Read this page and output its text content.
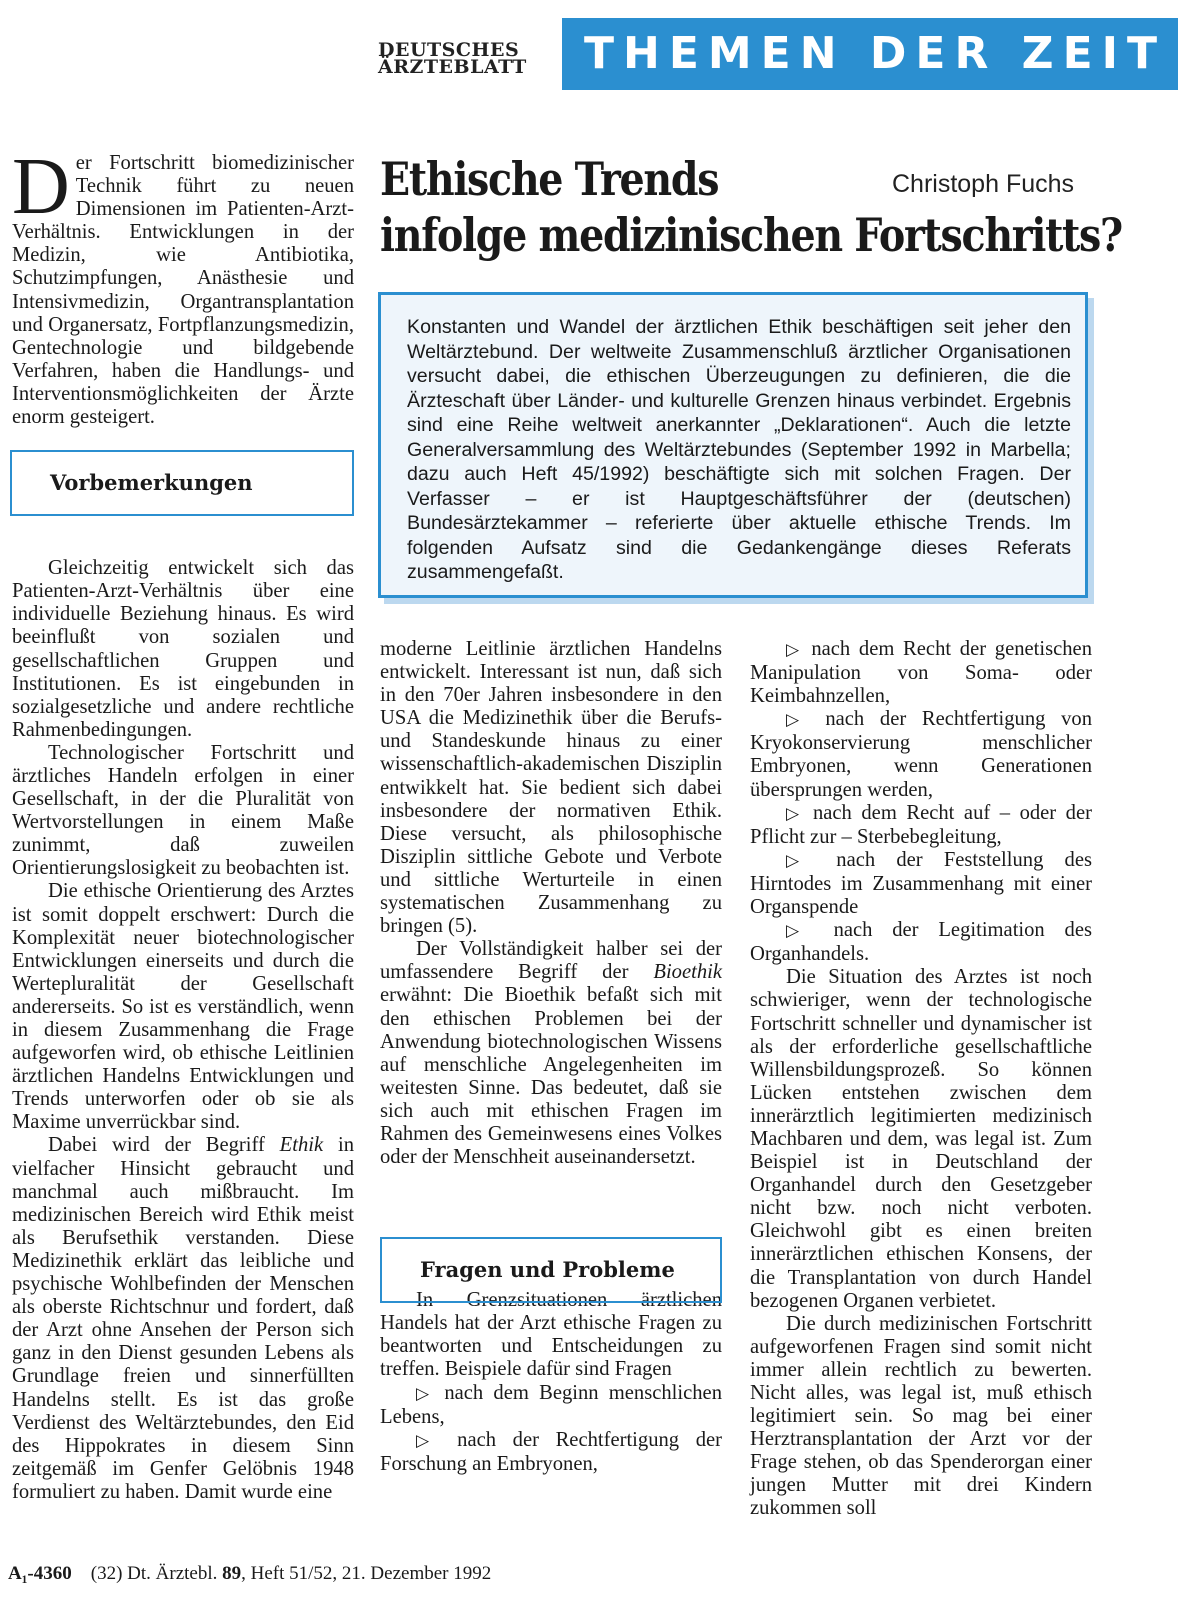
DEUTSCHES
ÄRZTEBLATT	THEMEN DER ZEIT
Ethische Trends
infolge medizinischen Fortschritts?
Christoph Fuchs
Konstanten und Wandel der ärztlichen Ethik beschäftigen seit jeher den Weltärztebund. Der weltweite Zusammenschluß ärztlicher Organisationen versucht dabei, die ethischen Überzeugungen zu definieren, die die Ärzteschaft über Länder- und kulturelle Grenzen hinaus verbindet. Ergebnis sind eine Reihe weltweit anerkannter „Deklarationen“. Auch die letzte Generalversammlung des Weltärztebundes (September 1992 in Marbella; dazu auch Heft 45/1992) beschäftigte sich mit solchen Fragen. Der Verfasser – er ist Hauptgeschäftsführer der (deutschen) Bundesärztekammer – referierte über aktuelle ethische Trends. Im folgenden Aufsatz sind die Gedankengänge dieses Referats zusammengefaßt.

Der Fortschritt biomedizinischer Technik führt zu neuen Dimensionen im Patienten-Arzt-Verhältnis. Entwicklungen in der Medizin, wie Antibiotika, Schutzimpfungen, Anästhesie und Intensivmedizin, Organtransplantation und Organersatz, Fortpflanzungsmedizin, Gentechnologie und bildgebende Verfahren, haben die Handlungs- und Interventionsmöglichkeiten der Ärzte enorm gesteigert.

Gleichzeitig entwickelt sich das Patienten-Arzt-Verhältnis über eine individuelle Beziehung hinaus. Es wird beeinflußt von sozialen und gesellschaftlichen Gruppen und Institutionen. Es ist eingebunden in sozialgesetzliche und andere rechtliche Rahmenbedingungen.

Technologischer Fortschritt und ärztliches Handeln erfolgen in einer Gesellschaft, in der die Pluralität von Wertvorstellungen in einem Maße zunimmt, daß zuweilen Orientierungslosigkeit zu beobachten ist.

Die ethische Orientierung des Arztes ist somit doppelt erschwert: Durch die Komplexität neuer biotechnologischer Entwicklungen einerseits und durch die Wertepluralität der Gesellschaft andererseits. So ist es verständlich, wenn in diesem Zusammenhang die Frage aufgeworfen wird, ob ethische Leitlinien ärztlichen Handelns Entwicklungen und Trends unterworfen oder ob sie als Maxime unverrückbar sind.

Dabei wird der Begriff Ethik in vielfacher Hinsicht gebraucht und manchmal auch mißbraucht. Im medizinischen Bereich wird Ethik meist als Berufsethik verstanden. Diese Medizinethik erklärt das leibliche und psychische Wohlbefinden der Menschen als oberste Richtschnur und fordert, daß der Arzt ohne Ansehen der Person sich ganz in den Dienst gesunden Lebens als Grundlage freien und sinnerfüllten Handelns stellt. Es ist das große Verdienst des Weltärztebundes, den Eid des Hippokrates in diesem Sinn zeitgemäß im Genfer Gelöbnis 1948 formuliert zu haben. Damit wurde eine

Vorbemerkungen

moderne Leitlinie ärztlichen Handelns entwickelt. Interessant ist nun, daß sich in den 70er Jahren insbesondere in den USA die Medizinethik über die Berufs- und Standeskunde hinaus zu einer wissenschaftlich-akademischen Disziplin entwikkelt hat. Sie bedient sich dabei insbesondere der normativen Ethik. Diese versucht, als philosophische Disziplin sittliche Gebote und Verbote und sittliche Werturteile in einen systematischen Zusammenhang zu bringen (5).

Der Vollständigkeit halber sei der umfassendere Begriff der Bioethik erwähnt: Die Bioethik befaßt sich mit den ethischen Problemen bei der Anwendung biotechnologischen Wissens auf menschliche Angelegenheiten im weitesten Sinne. Das bedeutet, daß sie sich auch mit ethischen Fragen im Rahmen des Gemeinwesens eines Volkes oder der Menschheit auseinandersetzt.

In Grenzsituationen ärztlichen Handels hat der Arzt ethische Fragen zu beantworten und Entscheidungen zu treffen. Beispiele dafür sind Fragen

▷ nach dem Beginn menschlichen Lebens,

▷ nach der Rechtfertigung der Forschung an Embryonen,

Fragen und Probleme

▷ nach dem Recht der genetischen Manipulation von Soma- oder Keimbahnzellen,

▷ nach der Rechtfertigung von Kryokonservierung menschlicher Embryonen, wenn Generationen übersprungen werden,

▷ nach dem Recht auf – oder der Pflicht zur – Sterbebegleitung,

▷ nach der Feststellung des Hirntodes im Zusammenhang mit einer Organspende

▷ nach der Legitimation des Organhandels.

Die Situation des Arztes ist noch schwieriger, wenn der technologische Fortschritt schneller und dynamischer ist als der erforderliche gesellschaftliche Willensbildungsprozeß. So können Lücken entstehen zwischen dem innerärztlich legitimierten medizinisch Machbaren und dem, was legal ist. Zum Beispiel ist in Deutschland der Organhandel durch den Gesetzgeber nicht bzw. noch nicht verboten. Gleichwohl gibt es einen breiten innerärztlichen ethischen Konsens, der die Transplantation von durch Handel bezogenen Organen verbietet.

Die durch medizinischen Fortschritt aufgeworfenen Fragen sind somit nicht immer allein rechtlich zu bewerten. Nicht alles, was legal ist, muß ethisch legitimiert sein. So mag bei einer Herztransplantation der Arzt vor der Frage stehen, ob das Spenderorgan einer jungen Mutter mit drei Kindern zukommen soll

A₁-4360 (32) Dt. Ärztebl. 89, Heft 51/52, 21. Dezember 1992
